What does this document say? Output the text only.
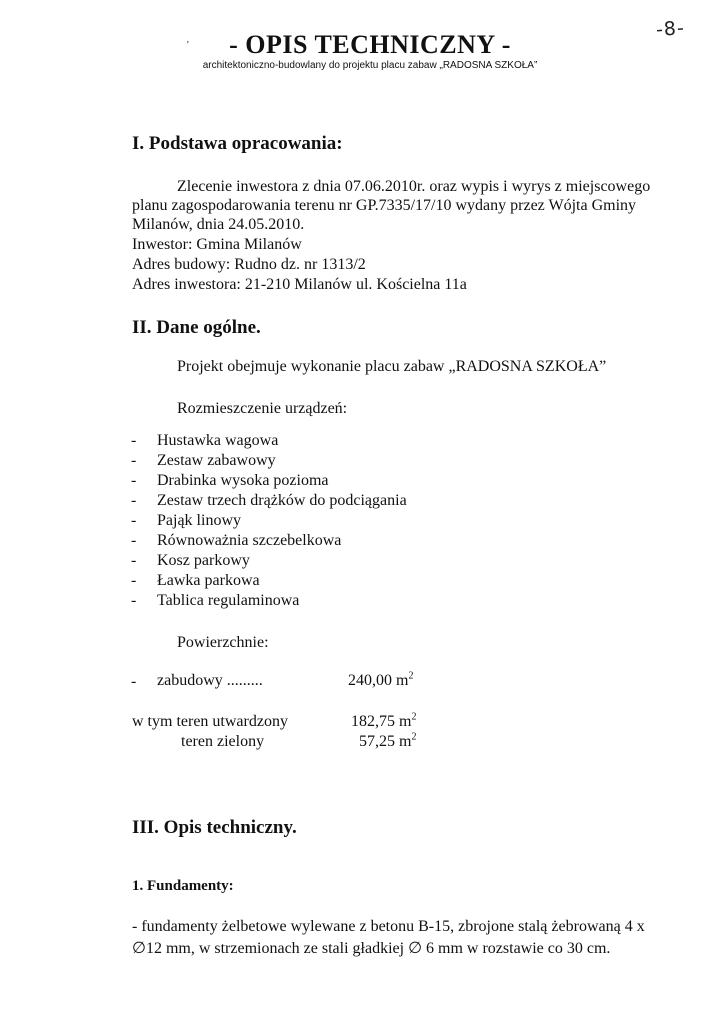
-8-
'	- OPIS TECHNICZNY -
architektoniczno-budowlany do projektu placu zabaw „RADOSNA SZKOŁA”
I. Podstawa opracowania:
Zlecenie inwestora z dnia 07.06.2010r. oraz wypis i wyrys z miejscowego
planu zagospodarowania terenu nr GP.7335/17/10 wydany przez Wójta Gminy
Milanów, dnia 24.05.2010.
Inwestor: Gmina Milanów
Adres budowy: Rudno dz. nr 1313/2
Adres inwestora: 21-210 Milanów ul. Kościelna 11a
II. Dane ogólne.
Projekt obejmuje wykonanie placu zabaw „RADOSNA SZKOŁA”
Rozmieszczenie urządzeń:
- Hustawka wagowa
- Zestaw zabawowy
- Drabinka wysoka pozioma
- Zestaw trzech drążków do podciągania
- Pająk linowy
- Równoważnia szczebelkowa
- Kosz parkowy
- Ławka parkowa
- Tablica regulaminowa
Powierzchnie:
- zabudowy .........	240,00 $m^2$
w tym teren utwardzony	182,75 $m^2$
teren zielony	57,25 $m^2$
III. Opis techniczny.
1. Fundamenty:
- fundamenty żelbetowe wylewane z betonu B-15, zbrojone stalą żebrowaną 4 x
∅12 mm, w strzemionach ze stali gładkiej ∅ 6 mm w rozstawie co 30 cm.
